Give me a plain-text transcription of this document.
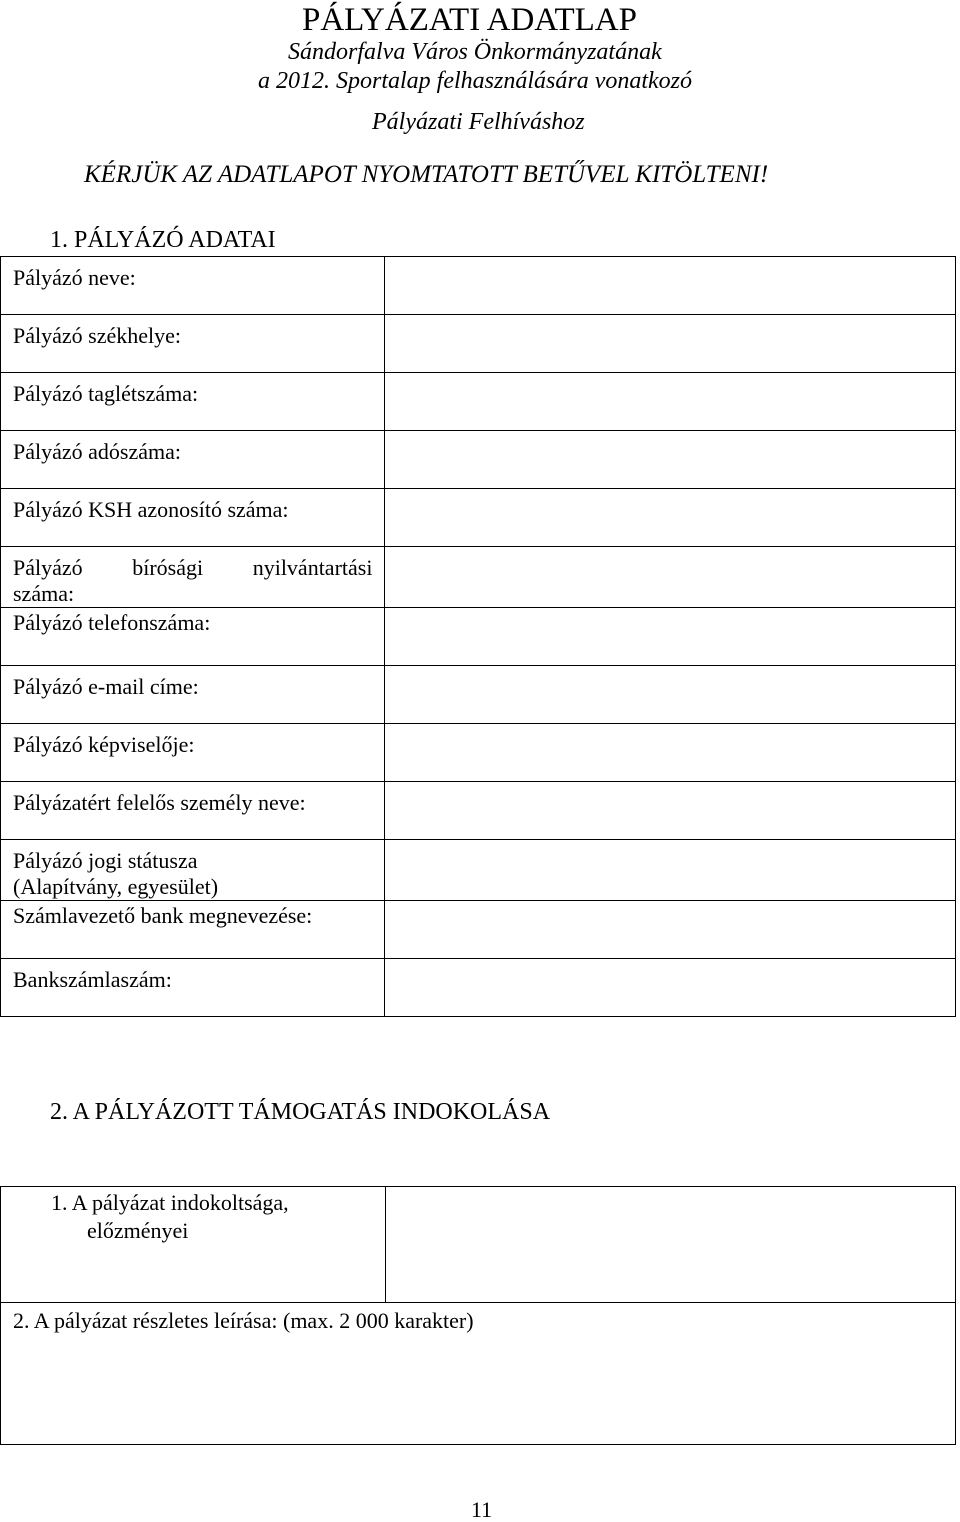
PÁLYÁZATI ADATLAP
Sándorfalva Város Önkormányzatának
a 2012. Sportalap felhasználására vonatkozó
Pályázati Felhíváshoz
KÉRJÜK AZ ADATLAPOT NYOMTATOTT BETŰVEL KITÖLTENI!
1. PÁLYÁZÓ ADATAI
Pályázó neve:	
Pályázó székhelye:	
Pályázó taglétszáma:	
Pályázó adószáma:	
Pályázó KSH azonosító száma:	

Pályázó bírósági nyilvántartási
száma:	
Pályázó telefonszáma:	
Pályázó e-mail címe:	
Pályázó képviselője:	
Pályázatért felelős személy neve:	

Pályázó jogi státusza
(Alapítvány, egyesület)	
Számlavezető bank megnevezése:	
Bankszámlaszám:	
2. A PÁLYÁZOTT TÁMOGATÁS INDOKOLÁSA
1. A pályázat indokoltsága,
előzményei

2. A pályázat részletes leírása: (max. 2 000 karakter)
11
